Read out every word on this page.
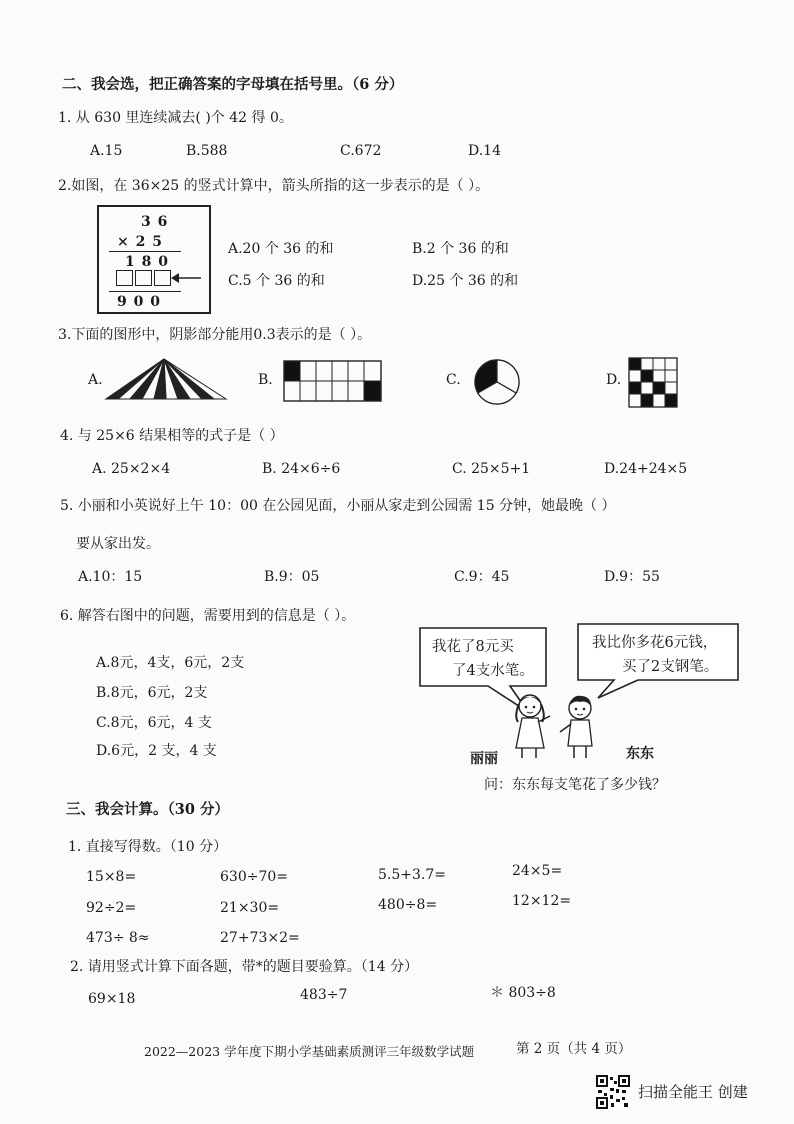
二、我会选，把正确答案的字母填在括号里。（6 分）
1. 从 630 里连续减去( )个 42 得 0。
A.15	B.588	C.672	D.14
2.如图，在 36×25 的竖式计算中，箭头所指的这一步表示的是（ ）。
3 6
× 2 5
1 8 0
9 0 0
A.20 个 36 的和	B.2 个 36 的和
C.5 个 36 的和	D.25 个 36 的和
3.下面的图形中，阴影部分能用0.3表示的是（ ）。
A.	B.	C.	D.
4. 与 25×6 结果相等的式子是（ ）
A. 25×2×4	B. 24×6÷6	C. 25×5+1	D.24+24×5
5. 小丽和小英说好上午 10：00 在公园见面，小丽从家走到公园需 15 分钟，她最晚（ ）
要从家出发。
A.10：15	B.9：05	C.9：45	D.9：55
6. 解答右图中的问题，需要用到的信息是（ ）。
A.8元，4支，6元，2支
B.8元，6元，2支
C.8元，6元，4 支
D.6元，2 支，4 支
我花了8元买
了4支水笔。
我比你多花6元钱，
买了2支钢笔。
丽丽	东东
问：东东每支笔花了多少钱？
三、我会计算。（30 分）
1. 直接写得数。（10 分）
15×8=	630÷70=	5.5+3.7=	24×5=
92÷2=	21×30=	480÷8=	12×12=
473÷ 8≈	27+73×2=
2. 请用竖式计算下面各题，带*的题目要验算。（14 分）
69×18	483÷7	＊ 803÷8
2022—2023 学年度下期小学基础素质测评三年级数学试题	第 2 页（共 4 页）
扫描全能王 创建
